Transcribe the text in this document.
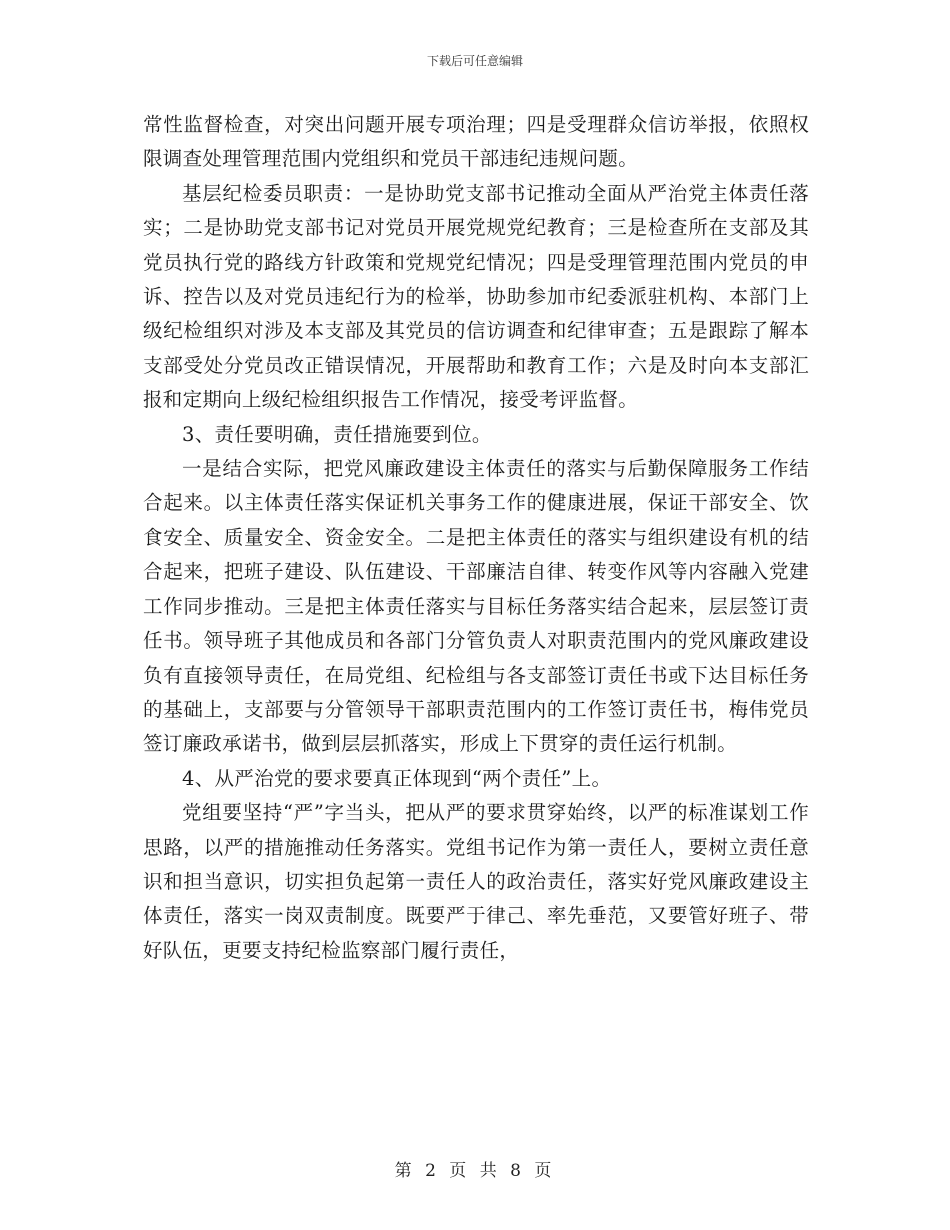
下载后可任意编辑

常性监督检查，对突出问题开展专项治理；四是受理群众信访举报，依照权限调查处理管理范围内党组织和党员干部违纪违规问题。

基层纪检委员职责：一是协助党支部书记推动全面从严治党主体责任落实；二是协助党支部书记对党员开展党规党纪教育；三是检查所在支部及其党员执行党的路线方针政策和党规党纪情况；四是受理管理范围内党员的申诉、控告以及对党员违纪行为的检举，协助参加市纪委派驻机构、本部门上级纪检组织对涉及本支部及其党员的信访调查和纪律审查；五是跟踪了解本支部受处分党员改正错误情况，开展帮助和教育工作；六是及时向本支部汇报和定期向上级纪检组织报告工作情况，接受考评监督。

3、责任要明确，责任措施要到位。

一是结合实际，把党风廉政建设主体责任的落实与后勤保障服务工作结合起来。以主体责任落实保证机关事务工作的健康进展，保证干部安全、饮食安全、质量安全、资金安全。二是把主体责任的落实与组织建设有机的结合起来，把班子建设、队伍建设、干部廉洁自律、转变作风等内容融入党建工作同步推动。三是把主体责任落实与目标任务落实结合起来，层层签订责任书。领导班子其他成员和各部门分管负责人对职责范围内的党风廉政建设负有直接领导责任，在局党组、纪检组与各支部签订责任书或下达目标任务的基础上，支部要与分管领导干部职责范围内的工作签订责任书，梅伟党员签订廉政承诺书，做到层层抓落实，形成上下贯穿的责任运行机制。

4、从严治党的要求要真正体现到“两个责任”上。

党组要坚持“严”字当头，把从严的要求贯穿始终，以严的标准谋划工作思路，以严的措施推动任务落实。党组书记作为第一责任人，要树立责任意识和担当意识，切实担负起第一责任人的政治责任，落实好党风廉政建设主体责任，落实一岗双责制度。既要严于律己、率先垂范，又要管好班子、带好队伍，更要支持纪检监察部门履行责任，

第 2 页 共 8 页
